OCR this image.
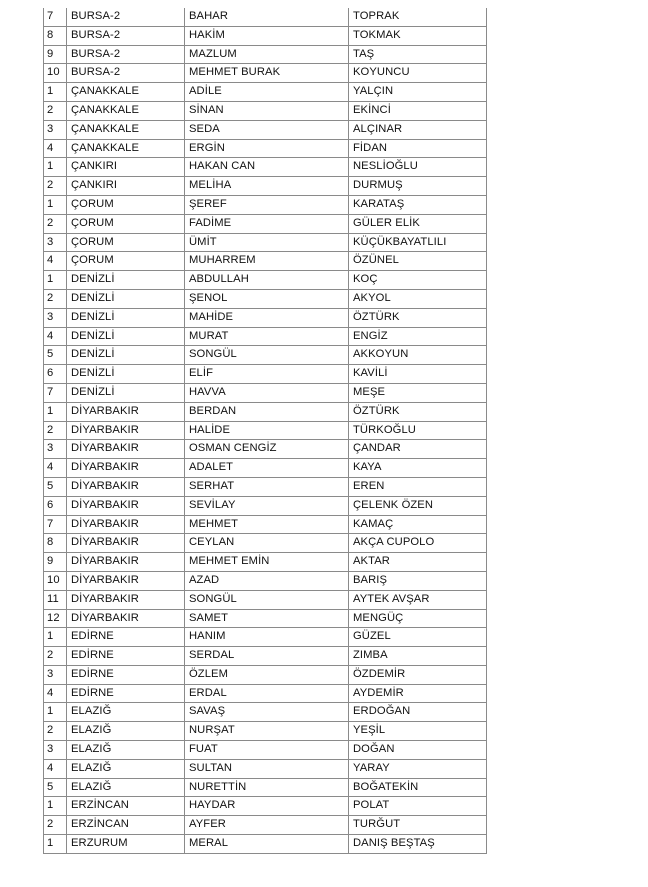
7	BURSA-2	BAHAR	TOPRAK
8	BURSA-2	HAKİM	TOKMAK
9	BURSA-2	MAZLUM	TAŞ
10	BURSA-2	MEHMET BURAK	KOYUNCU
1	ÇANAKKALE	ADİLE	YALÇIN
2	ÇANAKKALE	SİNAN	EKİNCİ
3	ÇANAKKALE	SEDA	ALÇINAR
4	ÇANAKKALE	ERGİN	FİDAN
1	ÇANKIRI	HAKAN CAN	NESLİOĞLU
2	ÇANKIRI	MELİHA	DURMUŞ
1	ÇORUM	ŞEREF	KARATAŞ
2	ÇORUM	FADİME	GÜLER ELİK
3	ÇORUM	ÜMİT	KÜÇÜKBAYATLILI
4	ÇORUM	MUHARREM	ÖZÜNEL
1	DENİZLİ	ABDULLAH	KOÇ
2	DENİZLİ	ŞENOL	AKYOL
3	DENİZLİ	MAHİDE	ÖZTÜRK
4	DENİZLİ	MURAT	ENGİZ
5	DENİZLİ	SONGÜL	AKKOYUN
6	DENİZLİ	ELİF	KAVİLİ
7	DENİZLİ	HAVVA	MEŞE
1	DİYARBAKIR	BERDAN	ÖZTÜRK
2	DİYARBAKIR	HALİDE	TÜRKOĞLU
3	DİYARBAKIR	OSMAN CENGİZ	ÇANDAR
4	DİYARBAKIR	ADALET	KAYA
5	DİYARBAKIR	SERHAT	EREN
6	DİYARBAKIR	SEVİLAY	ÇELENK ÖZEN
7	DİYARBAKIR	MEHMET	KAMAÇ
8	DİYARBAKIR	CEYLAN	AKÇA CUPOLO
9	DİYARBAKIR	MEHMET EMİN	AKTAR
10	DİYARBAKIR	AZAD	BARIŞ
11	DİYARBAKIR	SONGÜL	AYTEK AVŞAR
12	DİYARBAKIR	SAMET	MENGÜÇ
1	EDİRNE	HANIM	GÜZEL
2	EDİRNE	SERDAL	ZIMBA
3	EDİRNE	ÖZLEM	ÖZDEMİR
4	EDİRNE	ERDAL	AYDEMİR
1	ELAZIĞ	SAVAŞ	ERDOĞAN
2	ELAZIĞ	NURŞAT	YEŞİL
3	ELAZIĞ	FUAT	DOĞAN
4	ELAZIĞ	SULTAN	YARAY
5	ELAZIĞ	NURETTİN	BOĞATEKİN
1	ERZİNCAN	HAYDAR	POLAT
2	ERZİNCAN	AYFER	TURĞUT
1	ERZURUM	MERAL	DANIŞ BEŞTAŞ
